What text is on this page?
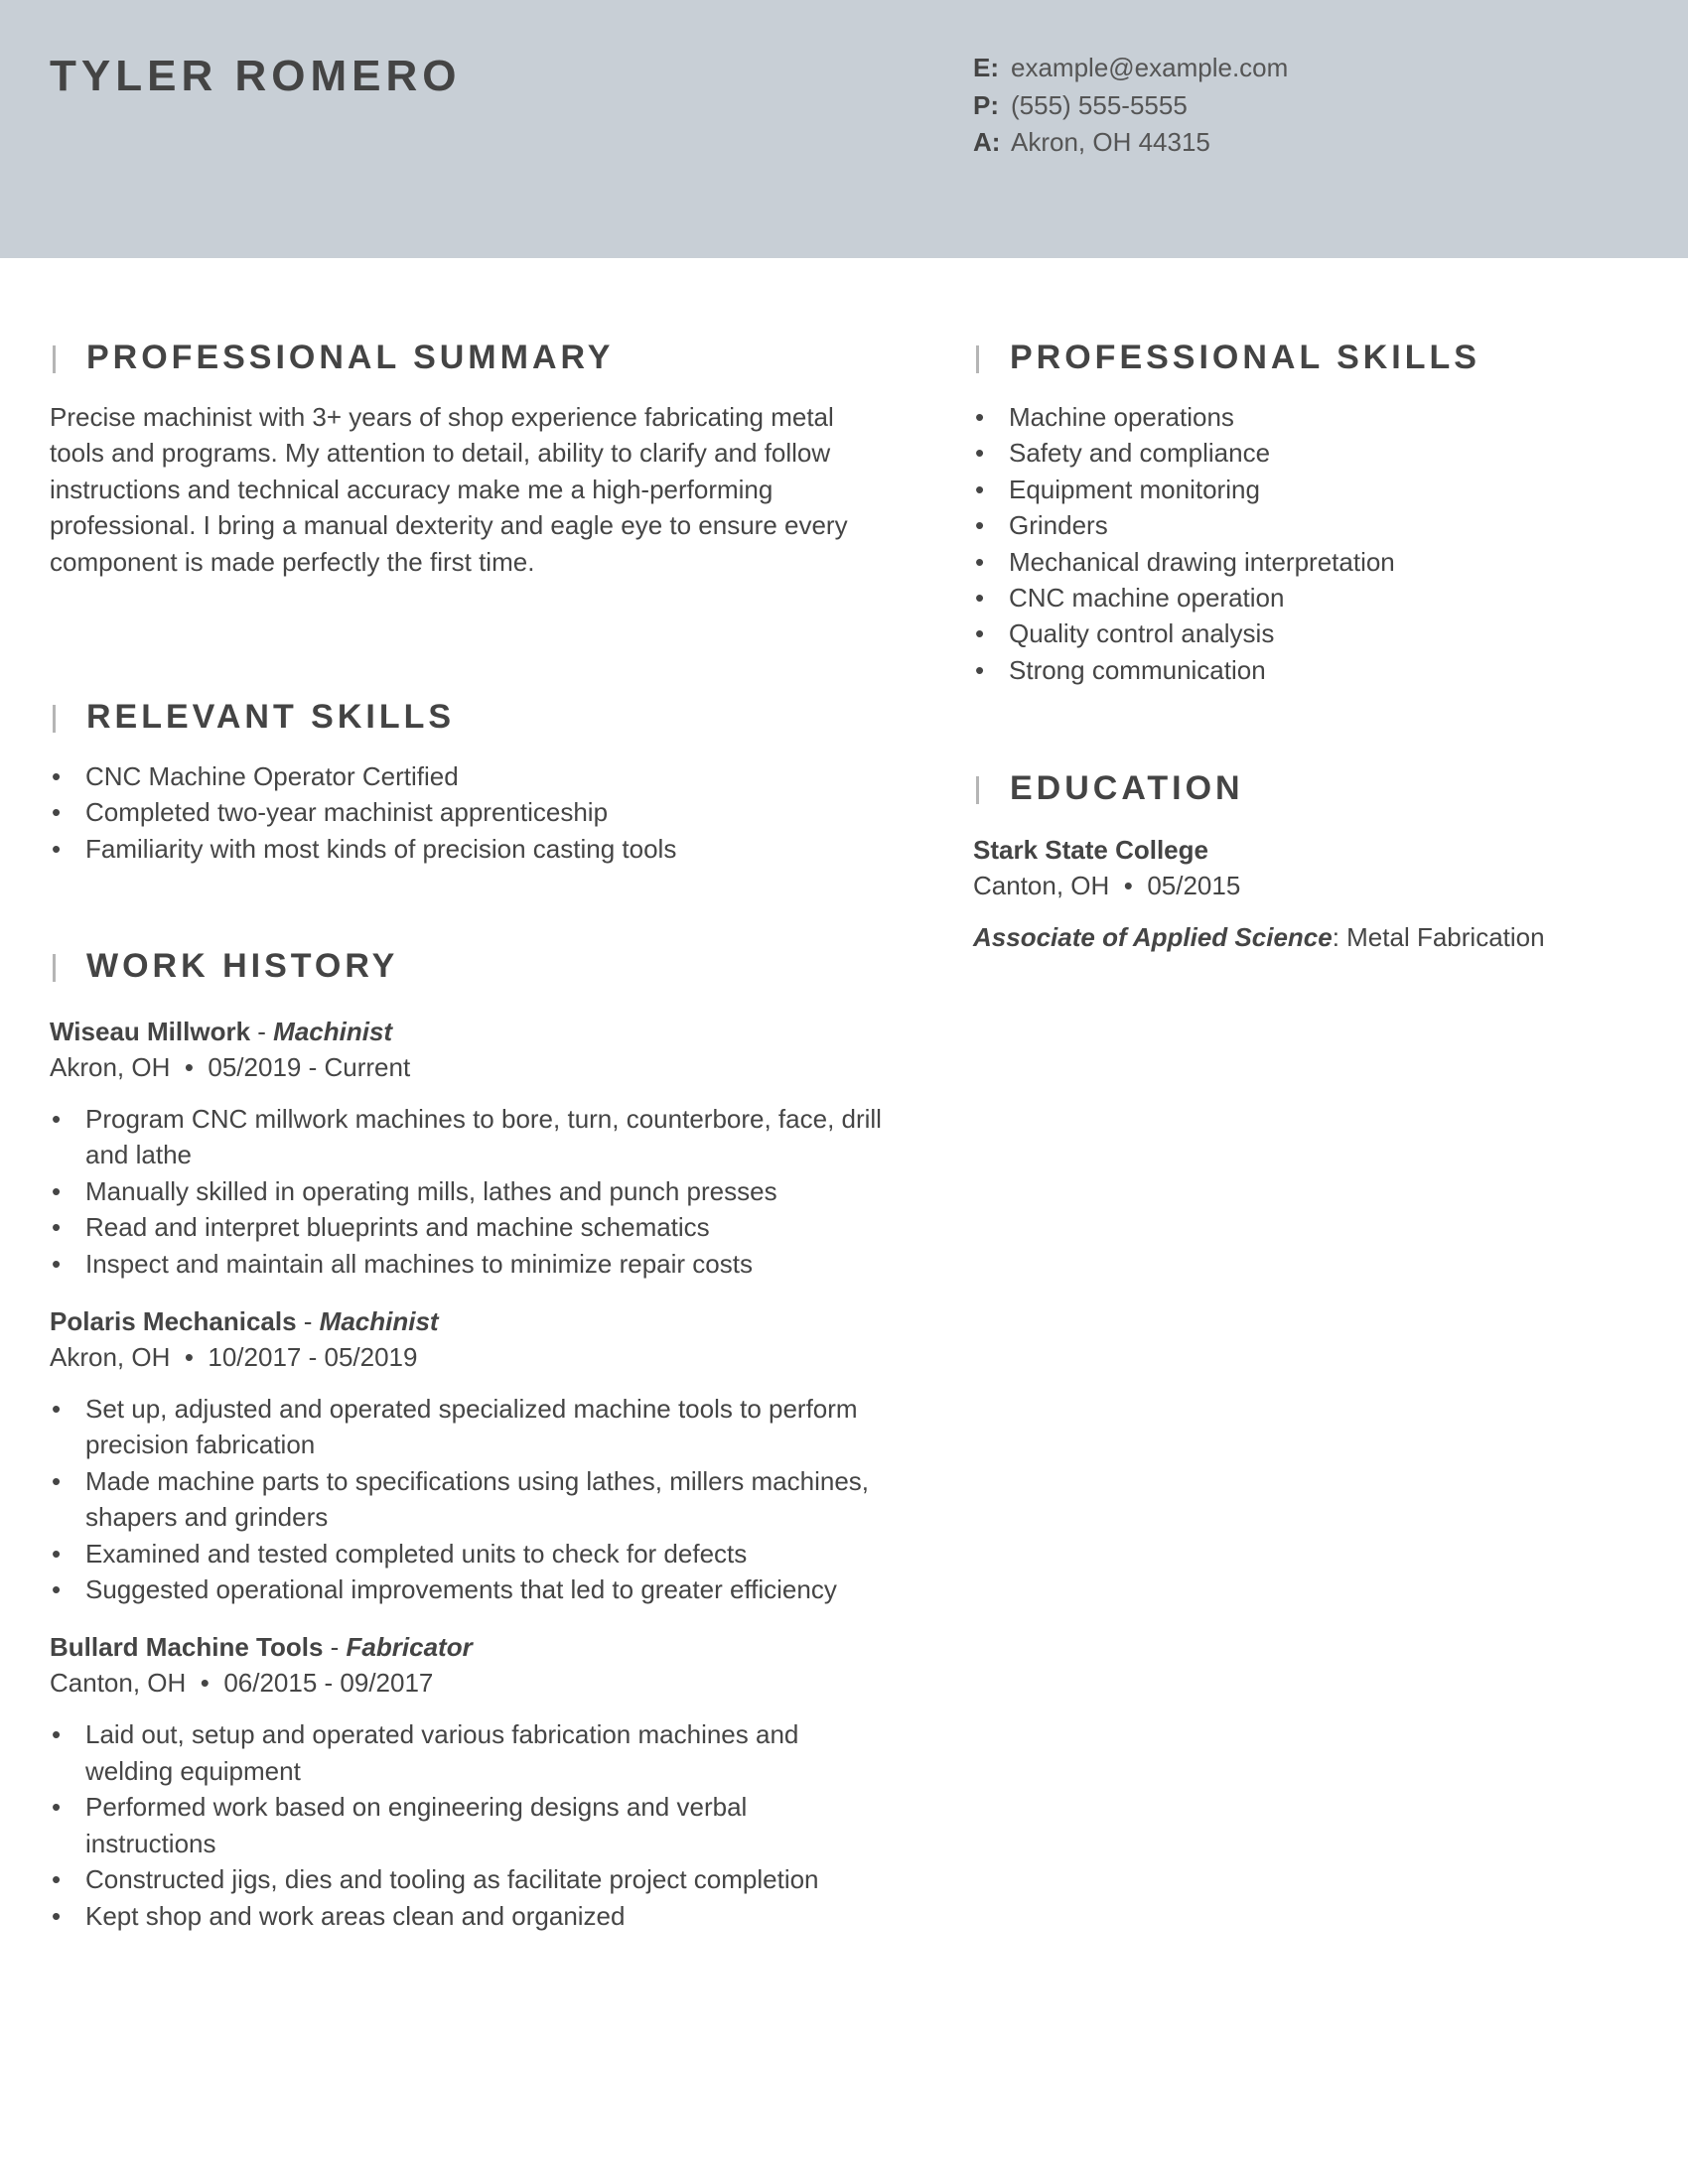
TYLER ROMERO	E: example@example.com
P: (555) 555-5555
A: Akron, OH 44315
PROFESSIONAL SUMMARY

Precise machinist with 3+ years of shop experience fabricating metal tools and programs. My attention to detail, ability to clarify and follow instructions and technical accuracy make me a high-performing professional. I bring a manual dexterity and eagle eye to ensure every component is made perfectly the first time.

RELEVANT SKILLS
• CNC Machine Operator Certified
• Completed two-year machinist apprenticeship
• Familiarity with most kinds of precision casting tools
WORK HISTORY
Wiseau Millwork - Machinist
Akron, OH • 05/2019 - Current
• Program CNC millwork machines to bore, turn, counterbore, face, drill and lathe
• Manually skilled in operating mills, lathes and punch presses
• Read and interpret blueprints and machine schematics
• Inspect and maintain all machines to minimize repair costs
Polaris Mechanicals - Machinist
Akron, OH • 10/2017 - 05/2019
• Set up, adjusted and operated specialized machine tools to perform precision fabrication
• Made machine parts to specifications using lathes, millers machines, shapers and grinders
• Examined and tested completed units to check for defects
• Suggested operational improvements that led to greater efficiency
Bullard Machine Tools - Fabricator
Canton, OH • 06/2015 - 09/2017
• Laid out, setup and operated various fabrication machines and welding equipment
• Performed work based on engineering designs and verbal instructions
• Constructed jigs, dies and tooling as facilitate project completion
• Kept shop and work areas clean and organized
PROFESSIONAL SKILLS
• Machine operations
• Safety and compliance
• Equipment monitoring
• Grinders
• Mechanical drawing interpretation
• CNC machine operation
• Quality control analysis
• Strong communication
EDUCATION
Stark State College
Canton, OH • 05/2015
Associate of Applied Science: Metal Fabrication
